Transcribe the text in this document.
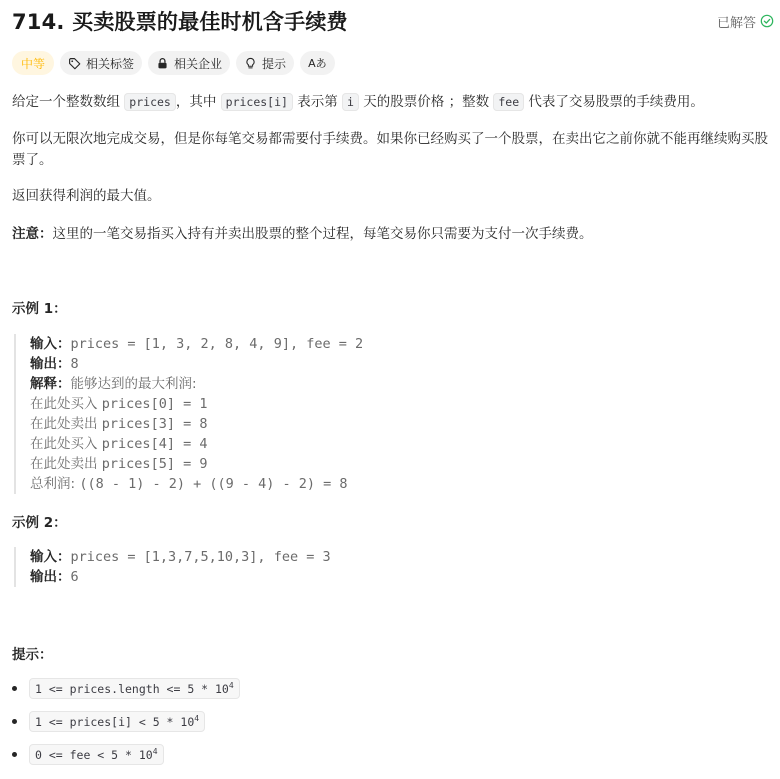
714. 买卖股票的最佳时机含手续费	已解答
中等	相关标签	相关企业	提示 Aあ
给定一个整数数组 prices ，其中 prices[i] 表示第 i 天的股票价格 ；整数 fee 代表了交易股票的手续费用。
你可以无限次地完成交易，但是你每笔交易都需要付手续费。如果你已经购买了一个股票，在卖出它之前你就不能再继续购买股票了。
返回获得利润的最大值。
注意：这里的一笔交易指买入持有并卖出股票的整个过程，每笔交易你只需要为支付一次手续费。
示例 1：
输入：prices = [1, 3, 2, 8, 4, 9], fee = 2
输出：8
解释：能够达到的最大利润:
在此处买入 prices[0] = 1
在此处卖出 prices[3] = 8
在此处买入 prices[4] = 4
在此处卖出 prices[5] = 9
总利润: ((8 - 1) - 2) + ((9 - 4) - 2) = 8
示例 2：
输入：prices = [1,3,7,5,10,3], fee = 3
输出：6
提示：
1 <= prices.length <= $5 * 10^4$
1 <= prices[i] < $5 * 10^4$
0 <= fee < $5 * 10^4$
